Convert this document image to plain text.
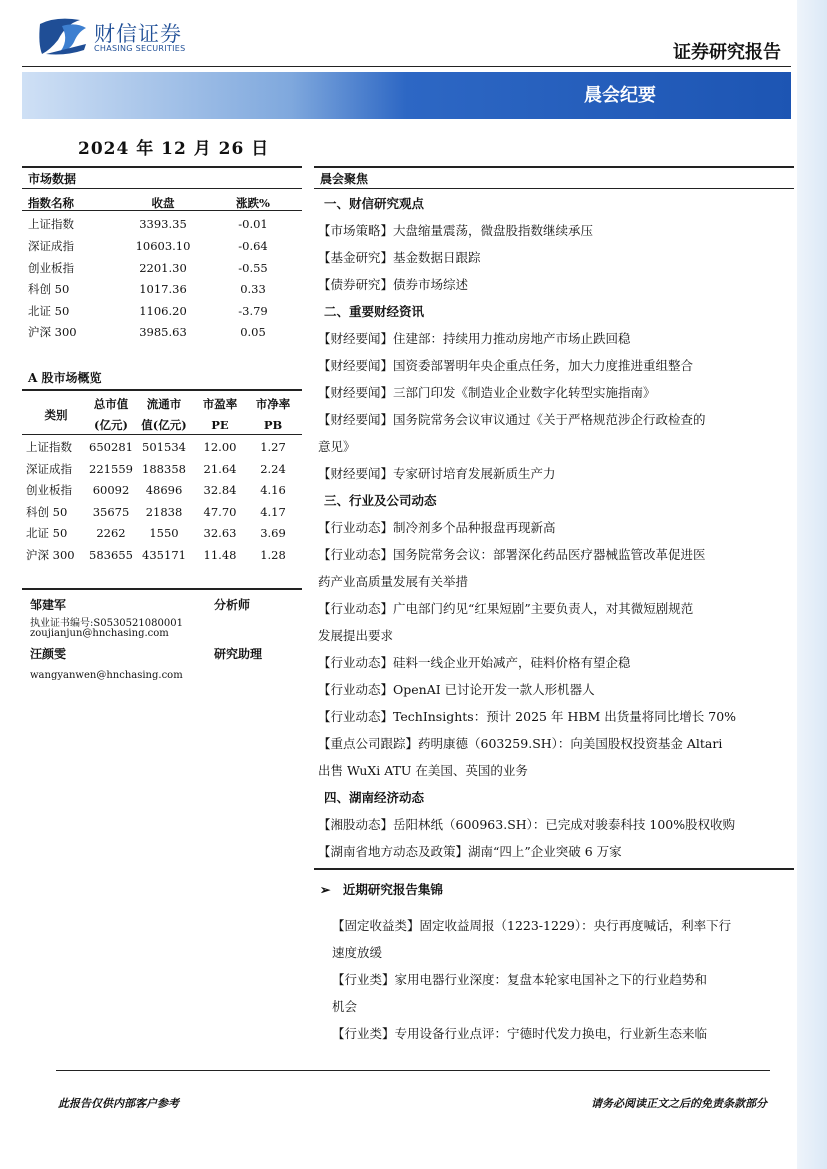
财信证券
CHASING SECURITIES	证券研究报告
晨会纪要
2024 年 12 月 26 日
市场数据
指数名称	收盘	涨跌%
上证指数	3393.35	-0.01
深证成指	10603.10	-0.64
创业板指	2201.30	-0.55
科创 50	1017.36	0.33
北证 50	1106.20	-3.79
沪深 300	3985.63	0.05
A 股市场概览
类别	总市值	流通市	市盈率	市净率
	(亿元)	值(亿元)	PE	PB
上证指数	650281	501534	12.00	1.27
深证成指	221559	188358	21.64	2.24
创业板指	60092	48696	32.84	4.16
科创 50	35675	21838	47.70	4.17
北证 50	2262	1550	32.63	3.69
沪深 300	583655	435171	11.48	1.28
邹建军	分析师
执业证书编号:S0530521080001
zoujianjun@hnchasing.com
汪颜雯	研究助理
wangyanwen@hnchasing.com
晨会聚焦
一、财信研究观点
【市场策略】大盘缩量震荡，微盘股指数继续承压
【基金研究】基金数据日跟踪
【债券研究】债券市场综述
二、重要财经资讯
【财经要闻】住建部：持续用力推动房地产市场止跌回稳
【财经要闻】国资委部署明年央企重点任务，加大力度推进重组整合
【财经要闻】三部门印发《制造业企业数字化转型实施指南》
【财经要闻】国务院常务会议审议通过《关于严格规范涉企行政检查的
意见》
【财经要闻】专家研讨培育发展新质生产力
三、行业及公司动态
【行业动态】制冷剂多个品种报盘再现新高
【行业动态】国务院常务会议：部署深化药品医疗器械监管改革促进医
药产业高质量发展有关举措
【行业动态】广电部门约见“红果短剧”主要负责人，对其微短剧规范
发展提出要求
【行业动态】硅料一线企业开始减产，硅料价格有望企稳
【行业动态】OpenAI 已讨论开发一款人形机器人
【行业动态】TechInsights：预计 2025 年 HBM 出货量将同比增长 70%
【重点公司跟踪】药明康德（603259.SH）：向美国股权投资基金 Altari
出售 WuXi ATU 在美国、英国的业务
四、湖南经济动态
【湘股动态】岳阳林纸（600963.SH）：已完成对骏泰科技 100%股权收购
【湖南省地方动态及政策】湖南“四上”企业突破 6 万家
➢ 近期研究报告集锦
【固定收益类】固定收益周报（1223-1229）：央行再度喊话，利率下行
速度放缓
【行业类】家用电器行业深度：复盘本轮家电国补之下的行业趋势和
机会
【行业类】专用设备行业点评：宁德时代发力换电，行业新生态来临
此报告仅供内部客户参考	请务必阅读正文之后的免责条款部分
